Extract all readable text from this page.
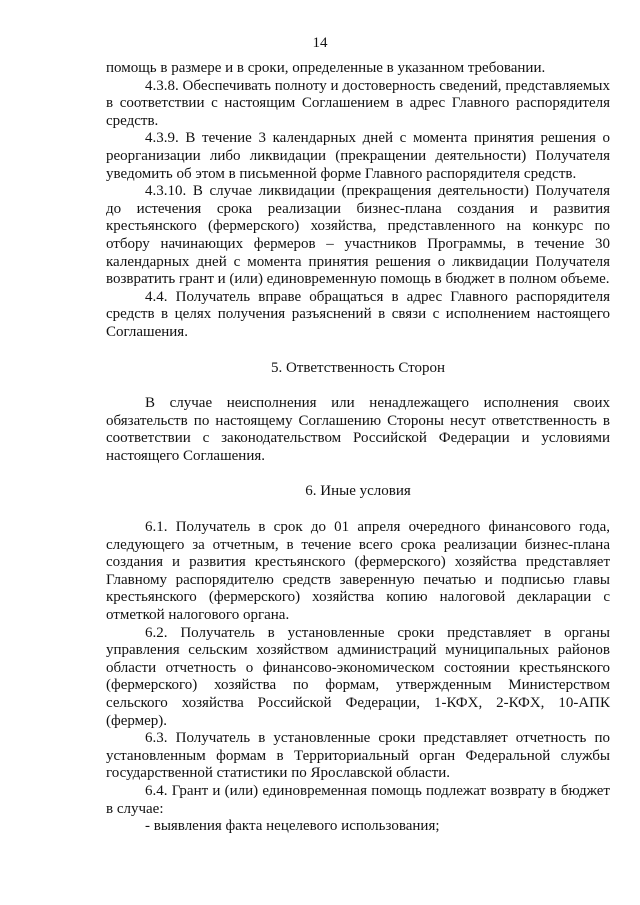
14

помощь в размере и в сроки, определенные в указанном требовании.

4.3.8. Обеспечивать полноту и достоверность сведений, представляемых в соответствии с настоящим Соглашением в адрес Главного распорядителя средств.

4.3.9. В течение 3 календарных дней с момента принятия решения о реорганизации либо ликвидации (прекращении деятельности) Получателя уведомить об этом в письменной форме Главного распорядителя средств.

4.3.10. В случае ликвидации (прекращения деятельности) Получателя до истечения срока реализации бизнес-плана создания и развития крестьянского (фермерского) хозяйства, представленного на конкурс по отбору начинающих фермеров – участников Программы, в течение 30 календарных дней с момента принятия решения о ликвидации Получателя возвратить грант и (или) единовременную помощь в бюджет в полном объеме.

4.4. Получатель вправе обращаться в адрес Главного распорядителя средств в целях получения разъяснений в связи с исполнением настоящего Соглашения.

5. Ответственность Сторон

В случае неисполнения или ненадлежащего исполнения своих обязательств по настоящему Соглашению Стороны несут ответственность в соответствии с законодательством Российской Федерации и условиями настоящего Соглашения.

6. Иные условия

6.1. Получатель в срок до 01 апреля очередного финансового года, следующего за отчетным, в течение всего срока реализации бизнес-плана создания и развития крестьянского (фермерского) хозяйства представляет Главному распорядителю средств заверенную печатью и подписью главы крестьянского (фермерского) хозяйства копию налоговой декларации с отметкой налогового органа.

6.2. Получатель в установленные сроки представляет в органы управления сельским хозяйством администраций муниципальных районов области отчетность о финансово-экономическом состоянии крестьянского (фермерского) хозяйства по формам, утвержденным Министерством сельского хозяйства Российской Федерации, 1-КФХ, 2-КФХ, 10-АПК (фермер).

6.3. Получатель в установленные сроки представляет отчетность по установленным формам в Территориальный орган Федеральной службы государственной статистики по Ярославской области.

6.4. Грант и (или) единовременная помощь подлежат возврату в бюджет в случае:

- выявления факта нецелевого использования;
